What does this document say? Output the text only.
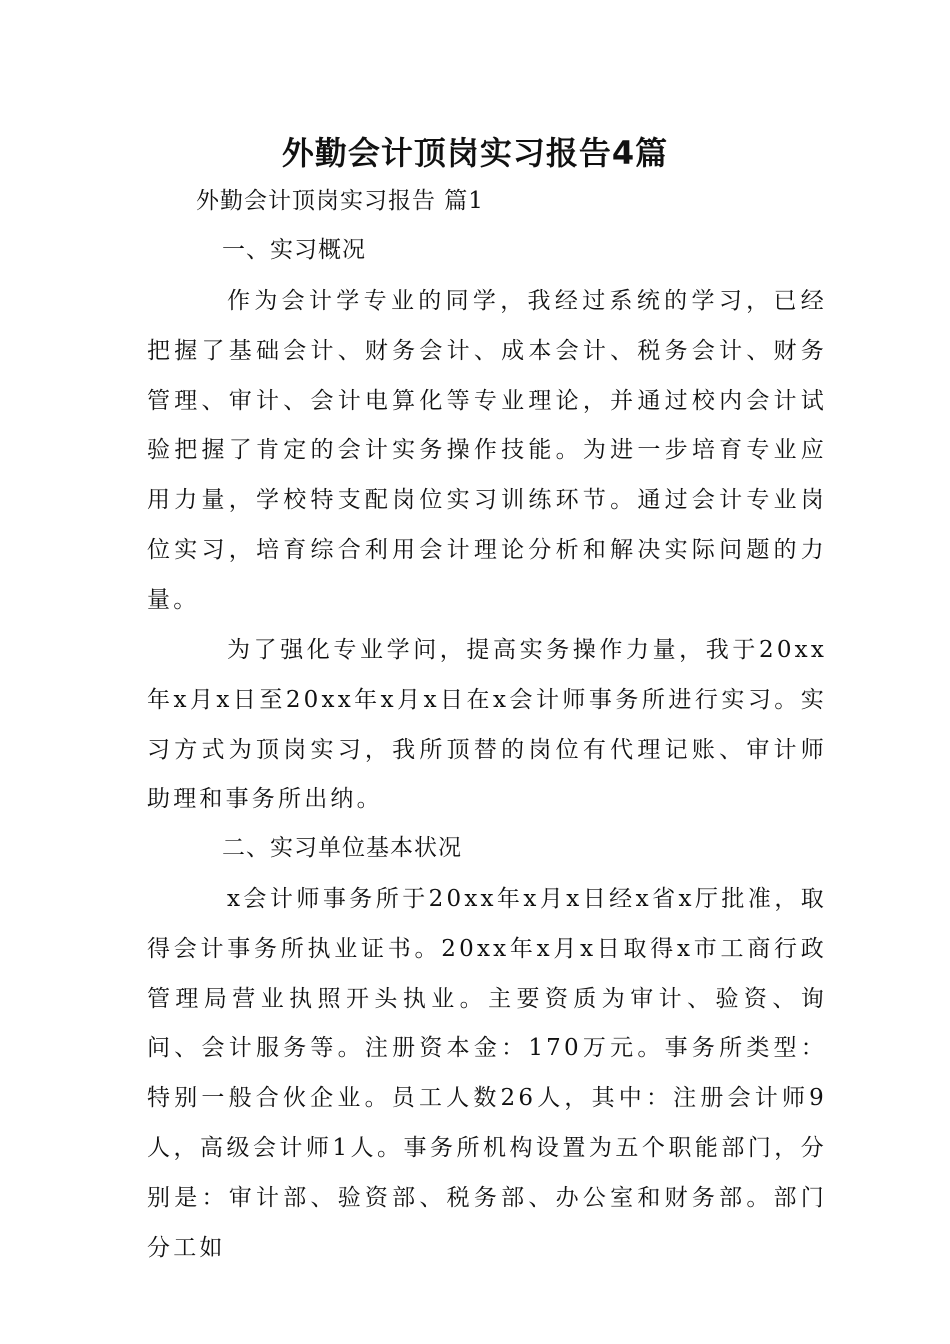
外勤会计顶岗实习报告4篇

外勤会计顶岗实习报告 篇1

一、实习概况

作为会计学专业的同学，我经过系统的学习，已经把握了基础会计、财务会计、成本会计、税务会计、财务管理、审计、会计电算化等专业理论，并通过校内会计试验把握了肯定的会计实务操作技能。为进一步培育专业应用力量，学校特支配岗位实习训练环节。通过会计专业岗位实习，培育综合利用会计理论分析和解决实际问题的力量。

为了强化专业学问，提高实务操作力量，我于20xx年x月x日至20xx年x月x日在x会计师事务所进行实习。实习方式为顶岗实习，我所顶替的岗位有代理记账、审计师助理和事务所出纳。

二、实习单位基本状况

x会计师事务所于20xx年x月x日经x省x厅批准，取得会计事务所执业证书。20xx年x月x日取得x市工商行政管理局营业执照开头执业。主要资质为审计、验资、询问、会计服务等。注册资本金：170万元。事务所类型：特别一般合伙企业。员工人数26人，其中：注册会计师9人，高级会计师1人。事务所机构设置为五个职能部门，分别是：审计部、验资部、税务部、办公室和财务部。部门分工如
